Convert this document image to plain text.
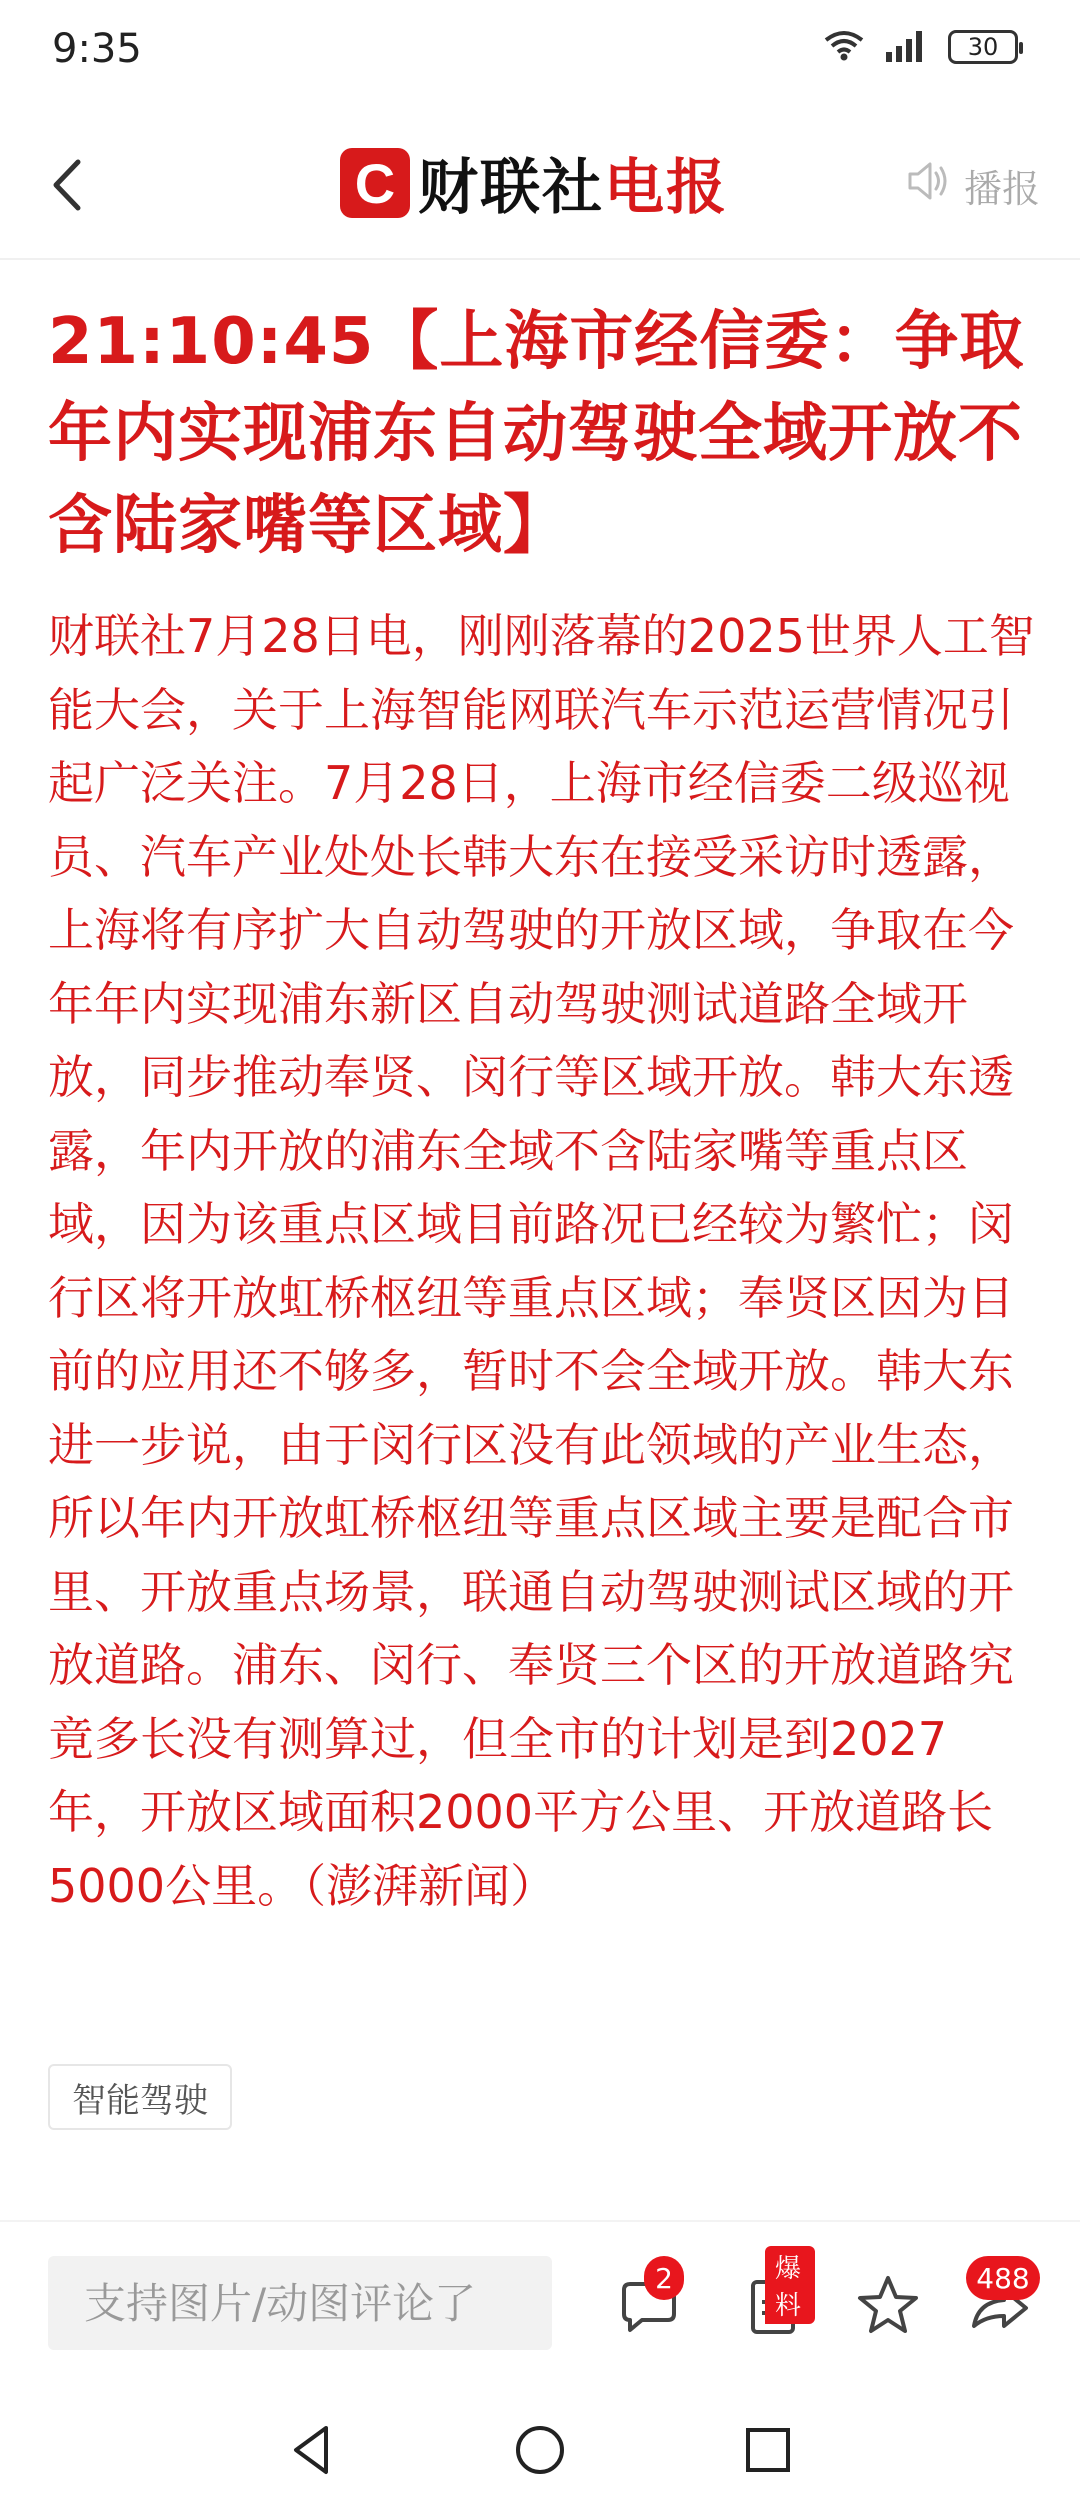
9:35	30
C 财联社 电报	播报
21:10:45【上海市经信委：争取年内实现浦东自动驾驶全域开放不含陆家嘴等区域】

财联社7月28日电，刚刚落幕的2025世界人工智能大会，关于上海智能网联汽车示范运营情况引起广泛关注。7月28日，上海市经信委二级巡视员、汽车产业处处长韩大东在接受采访时透露，上海将有序扩大自动驾驶的开放区域，争取在今年年内实现浦东新区自动驾驶测试道路全域开放，同步推动奉贤、闵行等区域开放。韩大东透露，年内开放的浦东全域不含陆家嘴等重点区域，因为该重点区域目前路况已经较为繁忙；闵行区将开放虹桥枢纽等重点区域；奉贤区因为目前的应用还不够多，暂时不会全域开放。韩大东进一步说，由于闵行区没有此领域的产业生态，所以年内开放虹桥枢纽等重点区域主要是配合市里、开放重点场景，联通自动驾驶测试区域的开放道路。浦东、闵行、奉贤三个区的开放道路究竟多长没有测算过，但全市的计划是到2027年，开放区域面积2000平方公里、开放道路长5000公里。（澎湃新闻）

智能驾驶
支持图片/动图评论了
2	爆料
488
